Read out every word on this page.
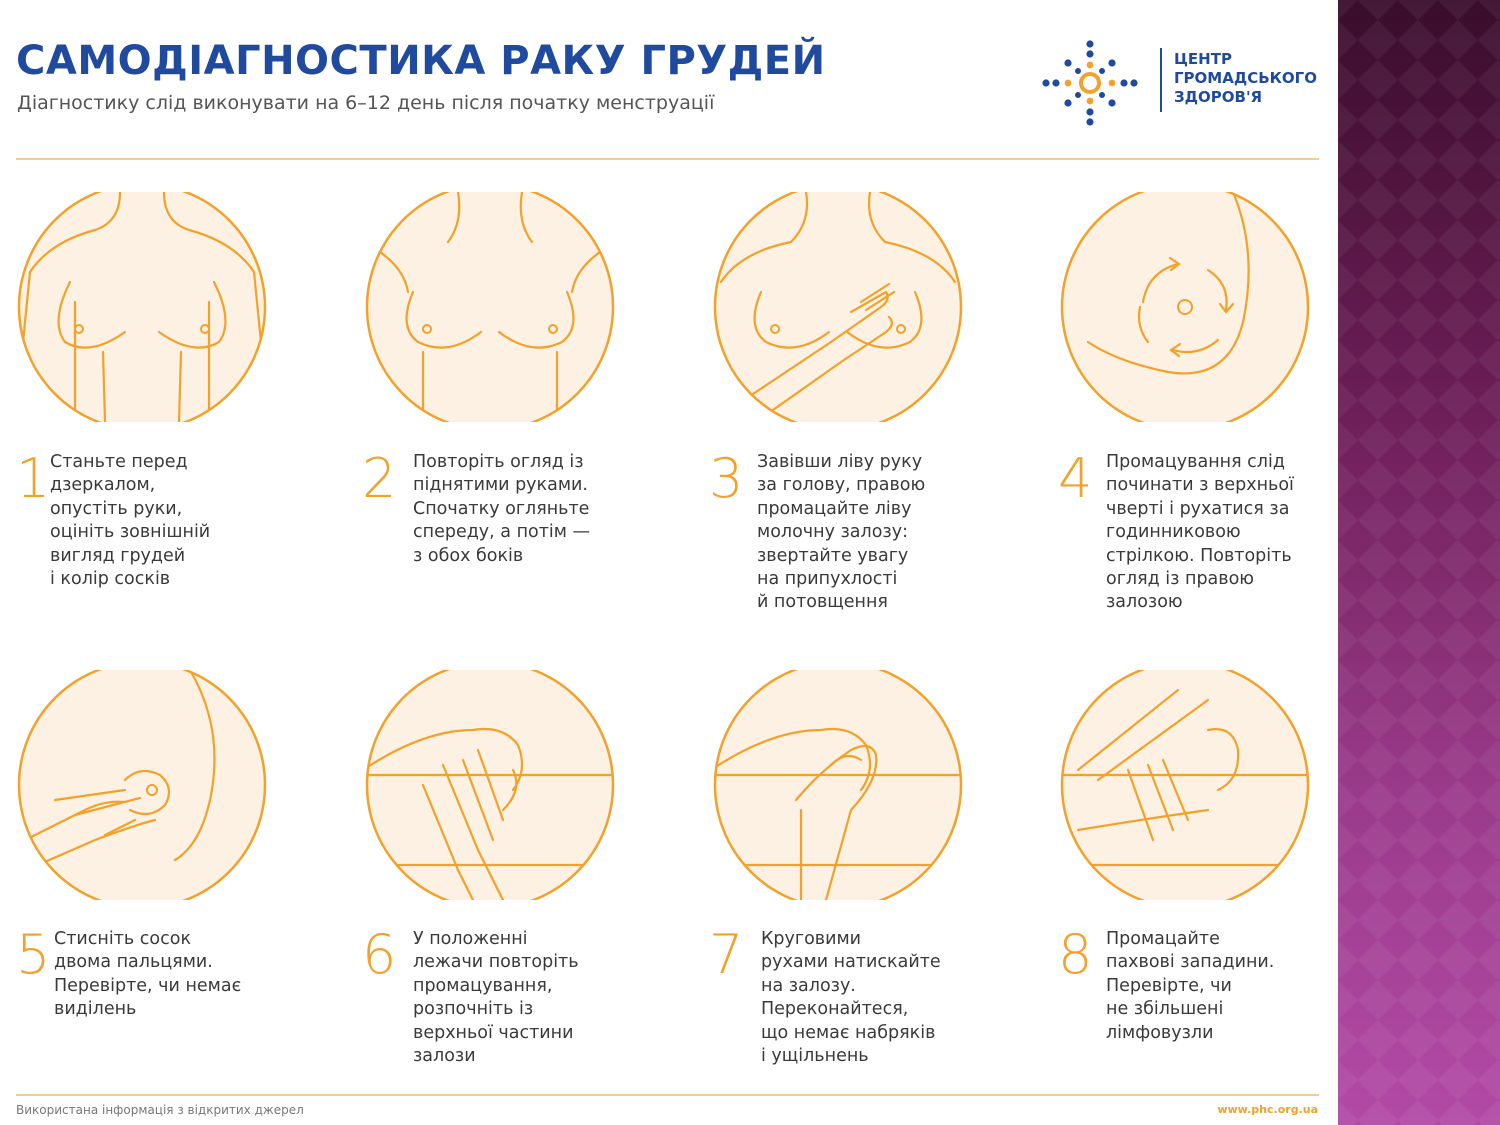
САМОДІАГНОСТИКА РАКУ ГРУДЕЙ

Діагностику слід виконувати на 6–12 день після початку менструації

ЦЕНТР
ГРОМАДСЬКОГО
ЗДОРОВ'Я
1 Станьте перед
дзеркалом,
опустіть руки,
оцініть зовнішній
вигляд грудей
і колір сосків

2 Повторіть огляд із
піднятими руками.
Спочатку огляньте
спереду, а потім —
з обох боків

3 Завівши ліву руку
за голову, правою
промацайте ліву
молочну залозу:
звертайте увагу
на припухлості
й потовщення

4 Промацування слід
починати з верхньої
чверті і рухатися за
годинниковою
стрілкою. Повторіть
огляд із правою
залозою

5 Стисніть сосок
двома пальцями.
Перевірте, чи немає
виділень

6 У положенні
лежачи повторіть
промацування,
розпочніть із
верхньої частини
залози

7 Круговими
рухами натискайте
на залозу.
Переконайтеся,
що немає набряків
і ущільнень

8 Промацайте
пахвові западини.
Перевірте, чи
не збільшені
лімфовузли

Використана інформація з відкритих джерел	www.phc.org.ua
